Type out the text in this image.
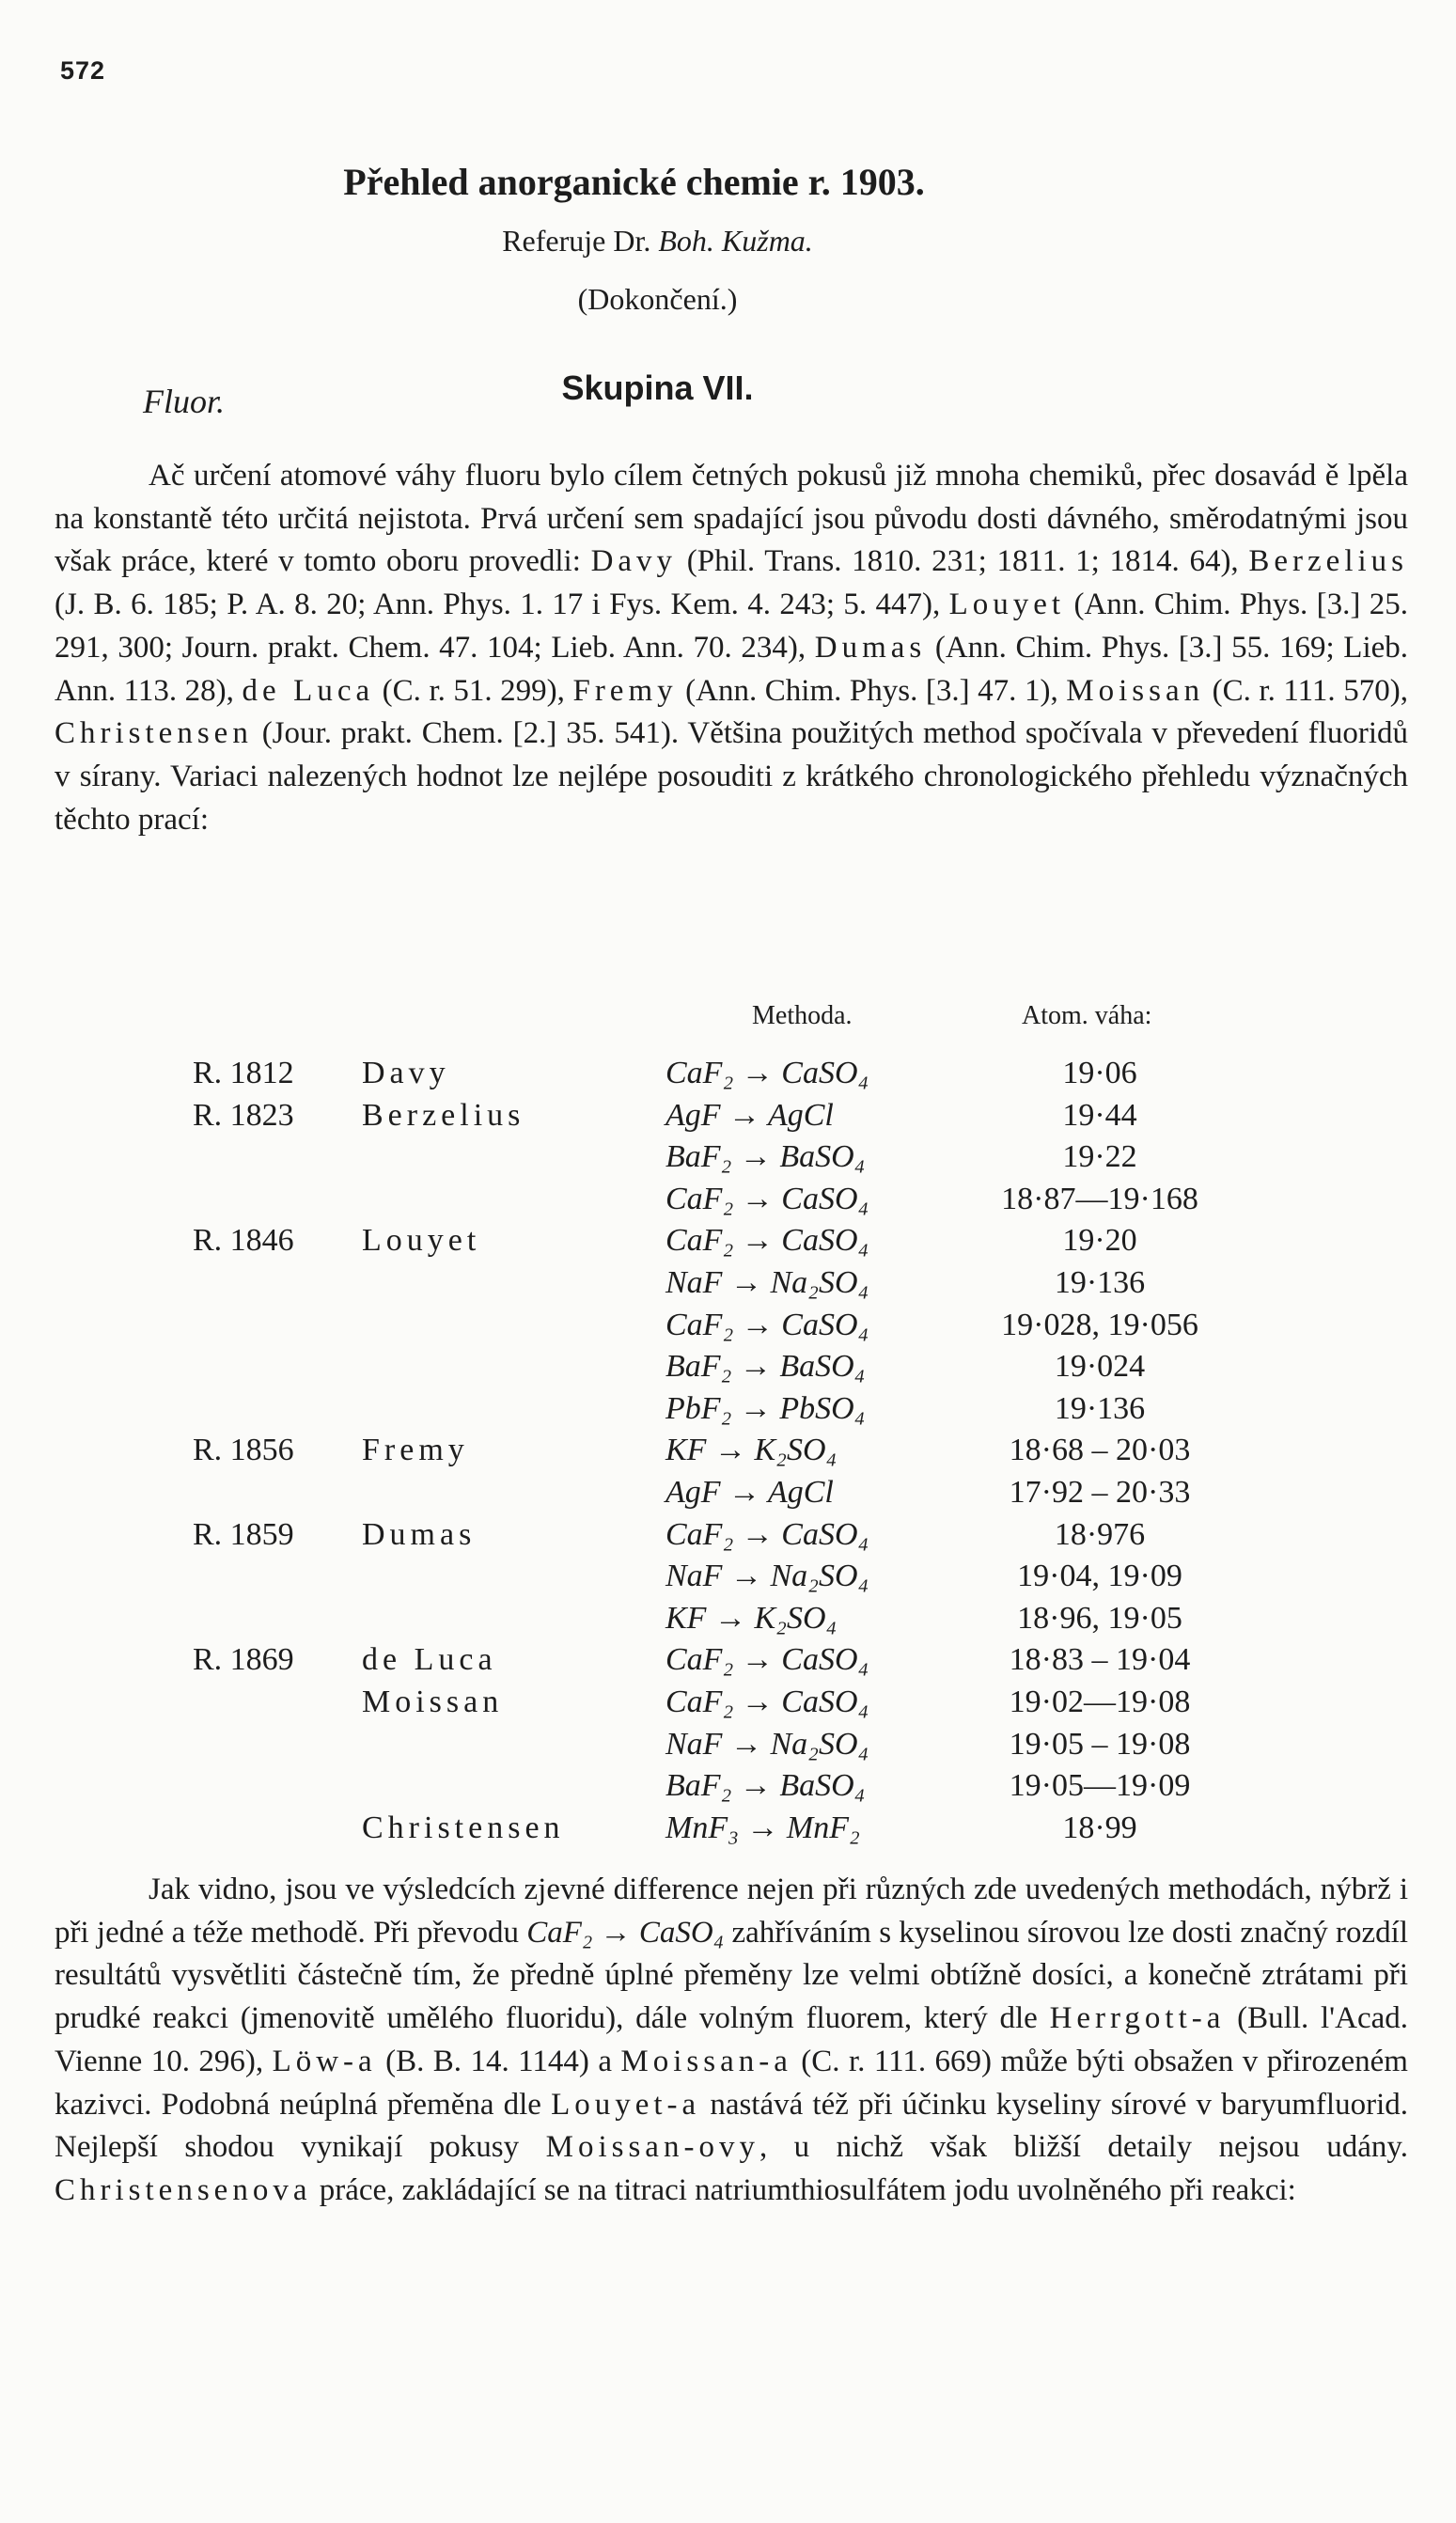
572
Přehled anorganické chemie r. 1903.
Referuje Dr. Boh. Kužma.
(Dokončení.)
Fluor.	Skupina VII.

Ač určení atomové váhy fluoru bylo cílem četných pokusů již mnoha chemiků, přec dosavád ě lpěla na konstantě této určitá nejistota. Prvá určení sem spadající jsou původu dosti dávného, směrodatnými jsou však práce, které v tomto oboru provedli: Davy (Phil. Trans. 1810. 231; 1811. 1; 1814. 64), Berzelius (J. B. 6. 185; P. A. 8. 20; Ann. Phys. 1. 17 i Fys. Kem. 4. 243; 5. 447), Louyet (Ann. Chim. Phys. [3.] 25. 291, 300; Journ. prakt. Chem. 47. 104; Lieb. Ann. 70. 234), Dumas (Ann. Chim. Phys. [3.] 55. 169; Lieb. Ann. 113. 28), de Luca (C. r. 51. 299), Fremy (Ann. Chim. Phys. [3.] 47. 1), Moissan (C. r. 111. 570), Christensen (Jour. prakt. Chem. [2.] 35. 541). Většina použitých method spočívala v převedení fluoridů v sírany. Variaci nalezených hodnot lze nejlépe posouditi z krátkého chronologického přehledu význačných těchto prací:

Methoda.	Atom. váha:
R. 1812 Davy	CaF₂ → CaSO₄	19·06
R. 1823 Berzelius	AgF → AgCl	19·44
BaF₂ → BaSO₄	19·22
CaF₂ → CaSO₄	18·87—19·168
R. 1846 Louyet	CaF₂ → CaSO₄	19·20
NaF → Na₂SO₄	19·136
CaF₂ → CaSO₄	19·028, 19·056
BaF₂ → BaSO₄	19·024
PbF₂ → PbSO₄	19·136
R. 1856 Fremy	KF → K₂SO₄	18·68 – 20·03
AgF → AgCl	17·92 – 20·33
R. 1859 Dumas	CaF₂ → CaSO₄	18·976
NaF → Na₂SO₄	19·04, 19·09
KF → K₂SO₄	18·96, 19·05
R. 1869 de Luca	CaF₂ → CaSO₄	18·83 – 19·04
Moissan	CaF₂ → CaSO₄	19·02—19·08
NaF → Na₂SO₄	19·05 – 19·08
BaF₂ → BaSO₄	19·05—19·09
Christensen	MnF₃ → MnF₂	18·99

Jak vidno, jsou ve výsledcích zjevné difference nejen při různých zde uvedených methodách, nýbrž i při jedné a téže methodě. Při převodu CaF₂ → CaSO₄ zahříváním s kyselinou sírovou lze dosti značný rozdíl resultátů vysvětliti částečně tím, že předně úplné přeměny lze velmi obtížně dosíci, a konečně ztrátami při prudké reakci (jmenovitě umělého fluoridu), dále volným fluorem, který dle Herrgott-a (Bull. l'Acad. Vienne 10. 296), Löw-a (B. B. 14. 1144) a Moissan-a (C. r. 111. 669) může býti obsažen v přirozeném kazivci. Podobná neúplná přeměna dle Louyet-a nastává též při účinku kyseliny sírové v baryumfluorid. Nejlepší shodou vynikají pokusy Moissan-ovy, u nichž však bližší detaily nejsou udány. Christensenova práce, zakládající se na titraci natriumthiosulfátem jodu uvolněného při reakci:
